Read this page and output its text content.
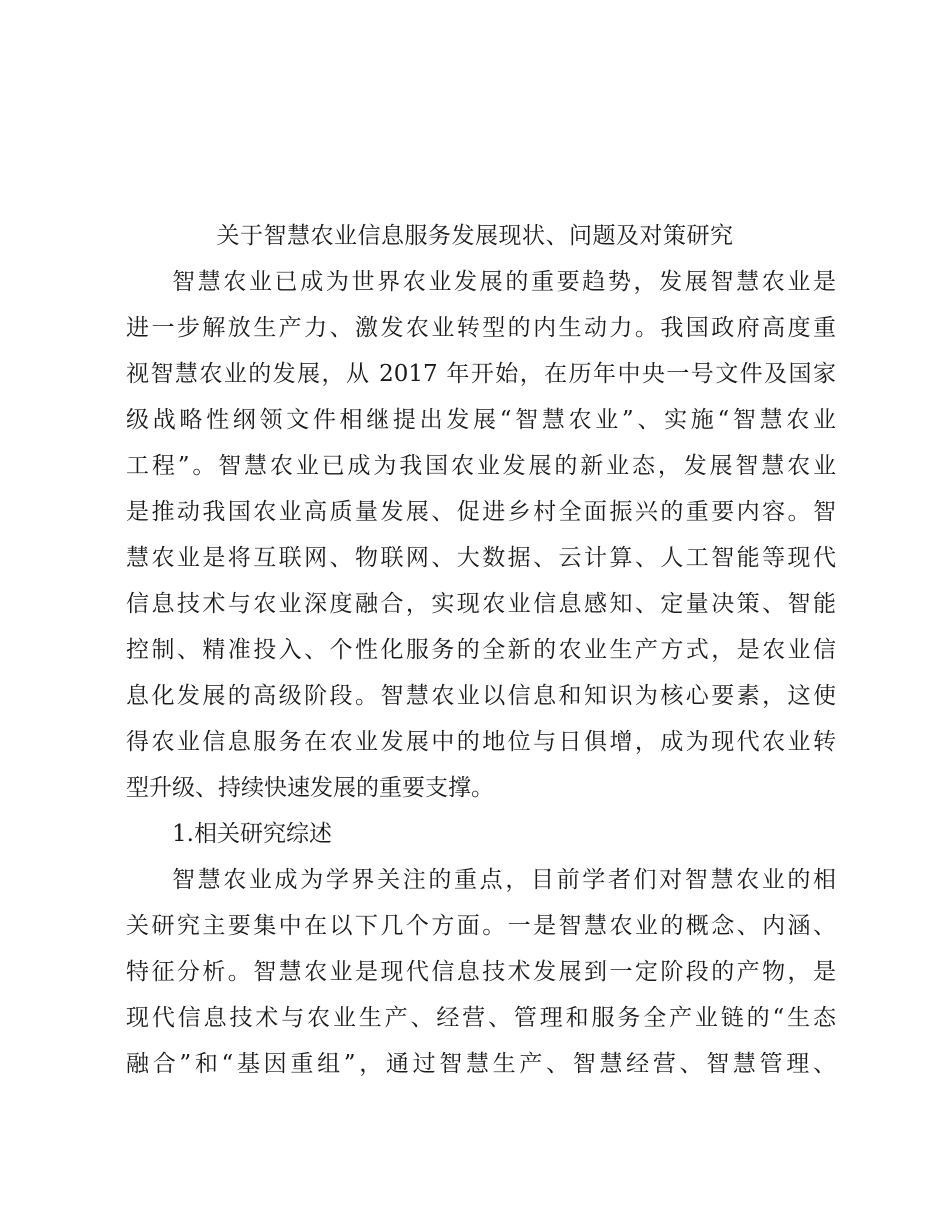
关于智慧农业信息服务发展现状、问题及对策研究
智慧农业已成为世界农业发展的重要趋势，发展智慧农业是
进一步解放生产力、激发农业转型的内生动力。我国政府高度重
视智慧农业的发展，从 2017 年开始，在历年中央一号文件及国家
级战略性纲领文件相继提出发展“智慧农业”、实施“智慧农业
工程”。智慧农业已成为我国农业发展的新业态，发展智慧农业
是推动我国农业高质量发展、促进乡村全面振兴的重要内容。智
慧农业是将互联网、物联网、大数据、云计算、人工智能等现代
信息技术与农业深度融合，实现农业信息感知、定量决策、智能
控制、精准投入、个性化服务的全新的农业生产方式，是农业信
息化发展的高级阶段。智慧农业以信息和知识为核心要素，这使
得农业信息服务在农业发展中的地位与日俱增，成为现代农业转
型升级、持续快速发展的重要支撑。
1.相关研究综述
智慧农业成为学界关注的重点，目前学者们对智慧农业的相
关研究主要集中在以下几个方面。一是智慧农业的概念、内涵、
特征分析。智慧农业是现代信息技术发展到一定阶段的产物，是
现代信息技术与农业生产、经营、管理和服务全产业链的“生态
融合”和“基因重组”，通过智慧生产、智慧经营、智慧管理、
